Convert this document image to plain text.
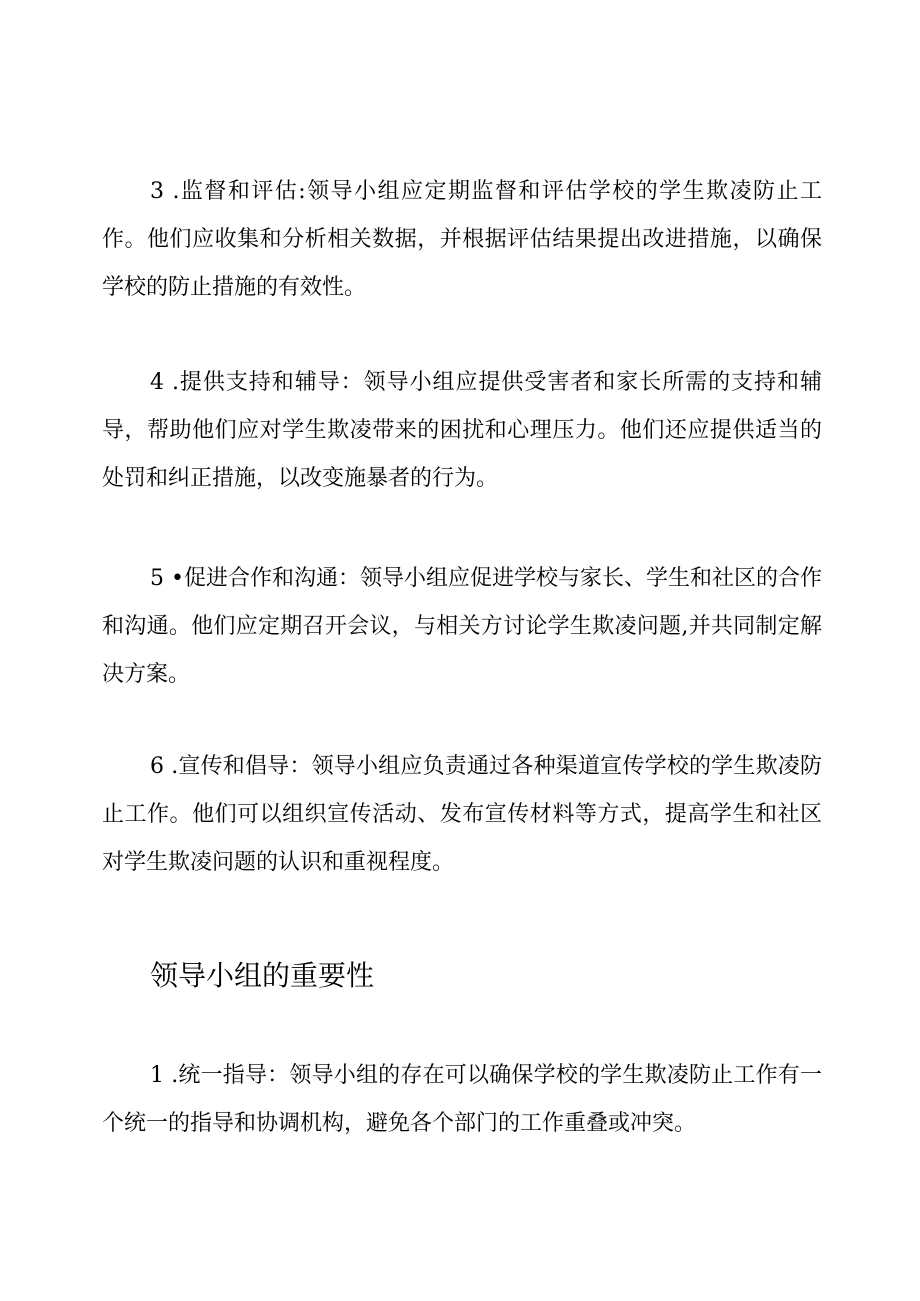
3 .监督和评估:领导小组应定期监督和评估学校的学生欺凌防止工作。他们应收集和分析相关数据，并根据评估结果提出改进措施，以确保学校的防止措施的有效性。

4 .提供支持和辅导：领导小组应提供受害者和家长所需的支持和辅导，帮助他们应对学生欺凌带来的困扰和心理压力。他们还应提供适当的处罚和纠正措施，以改变施暴者的行为。

5 •促进合作和沟通：领导小组应促进学校与家长、学生和社区的合作和沟通。他们应定期召开会议，与相关方讨论学生欺凌问题,并共同制定解决方案。

6 .宣传和倡导：领导小组应负责通过各种渠道宣传学校的学生欺凌防止工作。他们可以组织宣传活动、发布宣传材料等方式，提高学生和社区对学生欺凌问题的认识和重视程度。

领导小组的重要性

1 .统一指导：领导小组的存在可以确保学校的学生欺凌防止工作有一个统一的指导和协调机构，避免各个部门的工作重叠或冲突。
